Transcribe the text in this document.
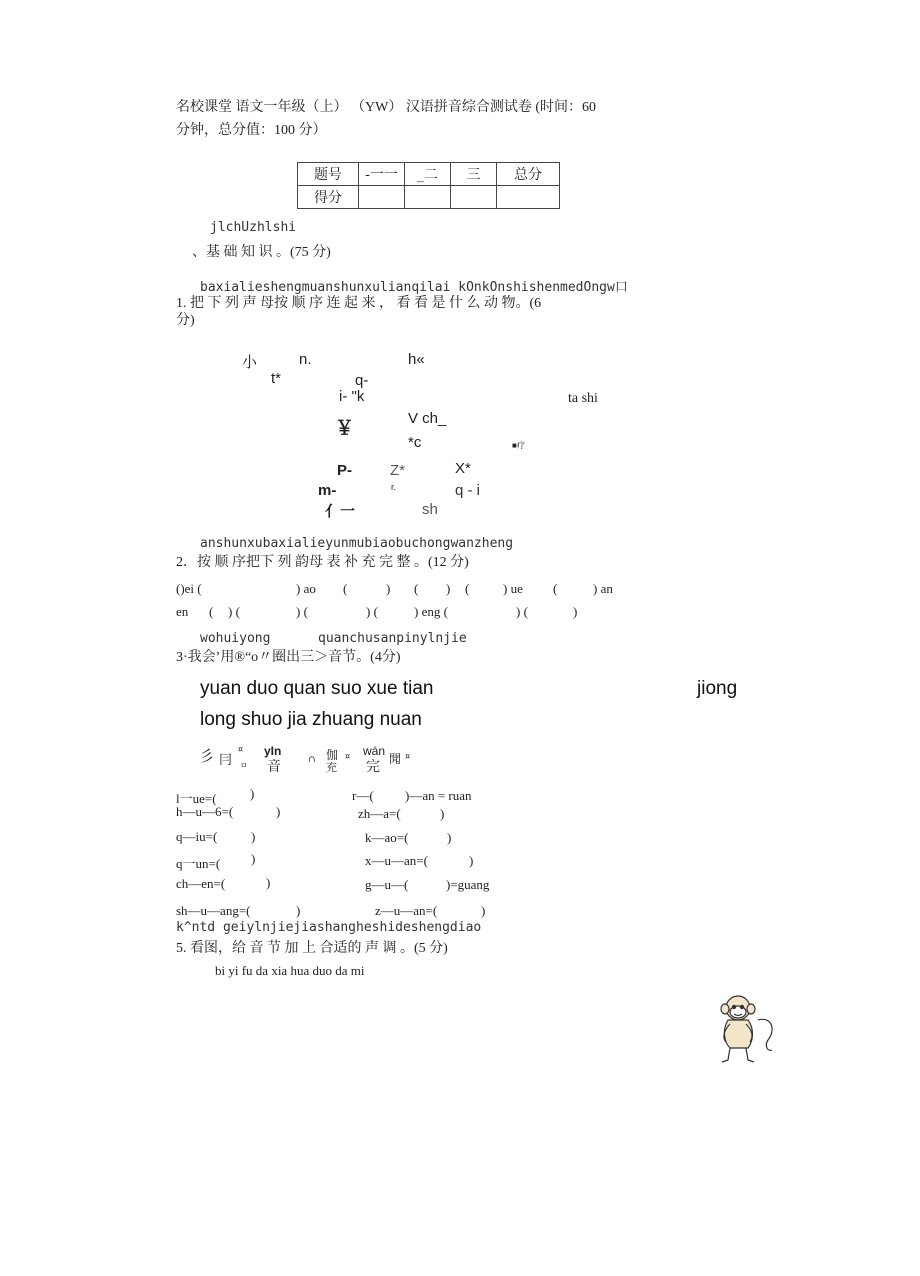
名校课堂 语文一年级（上） （YW） 汉语拼音综合测试卷 (时间：60
分钟，总分值：100 分）
题号	-一一	_二	三	总分
得分				
jlchUzhlshi
、基 础 知 识 。(75 分)
baxialieshengmuanshunxulianqilai kOnkOnshishenmedOngw口
1. 把 下 列 声 母按 顺 序 连 起 来 ， 看 看 是 什 么 动 物。(6
分)
小	n.	h«
t*	q-
i- "k	ta shi
￥	V ch_
*c	■疗
P-	Z*	X*
m-	r.	q - i
亻一	sh
anshunxubaxialieyunmubiaobuchongwanzheng
2．按 顺 序把下 列 韵母 表 补 充 完 整 。(12 分)
()ei (	) ao (	) ( ) (	) ue (	) an
en ( ) (	) (	) (	) eng (	) (	)
wohuiyong	quanchusanpinylnjie
3·我会’用®“o〃圈出三＞音节。(4分)
yuan duo quan suo xue tian	jiong
long shuo jia zhuang nuan
彡 冃
¤
ㅁ
yIn
音	∩ 伽
充
¤ wán
完 聞 ¤
l一ue=(	)	r—( )—an = ruan
h—u—6=(	)	zh—a=(	)
q—iu=(	)	k—ao=(	)
q一un=( )	x—u—an=(	)
ch—en=(	)	g—u—(	)=guang
sh—u—ang=(	)	z—u—an=(	)
k^ntd geiylnjiejiashangheshideshengdiao
5. 看图，给 音 节 加 上 合适的 声 调 。(5 分)
bi yi fu da xia hua duo da mi
